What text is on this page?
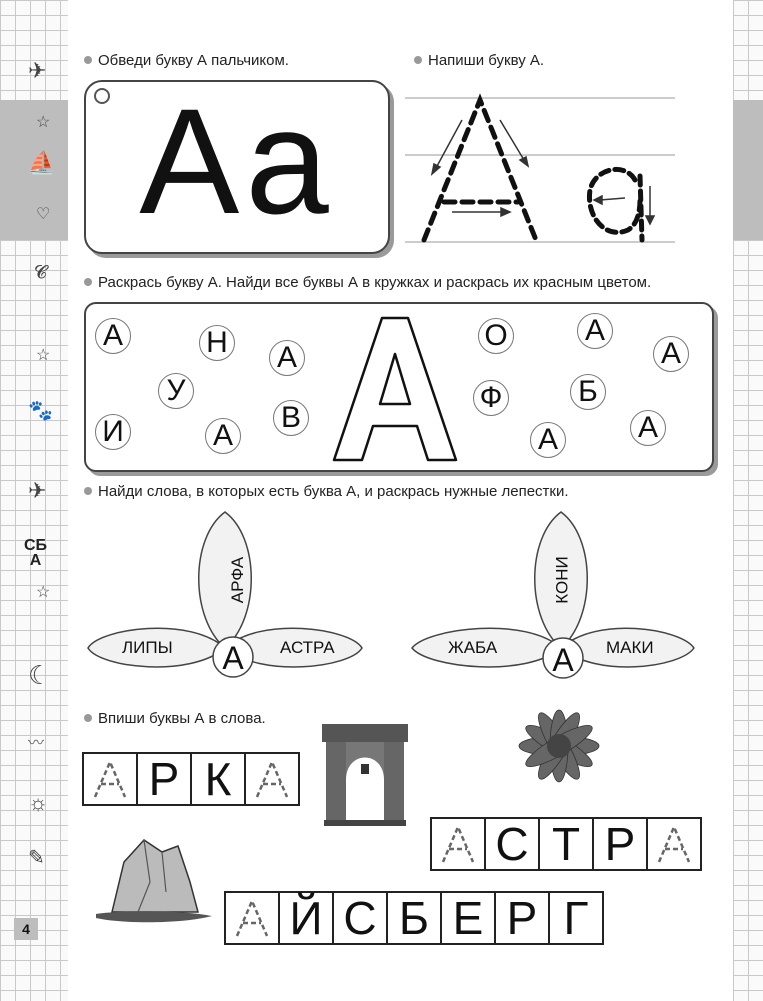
✈
☆
⛵
♡
𝓒
☆
🐾
✈
СБ
А
☆
☾
〰
☼
✎
4
Обведи букву А пальчиком.
Aa
Напиши букву А.
Раскрась букву А. Найди все буквы А в кружках и раскрась их красным цветом.
А	Н А
У
И	А
В
О	А
А
Ф	Б
А	А
Найди слова, в которых есть буква А, и раскрась нужные лепестки.
ЛИПЫ	АСТРА
АРФА
А	ЖАБА	МАКИ
КОНИ
А
Впиши буквы А в слова.
Р К
С Т Р
Й С Б Е Р Г
